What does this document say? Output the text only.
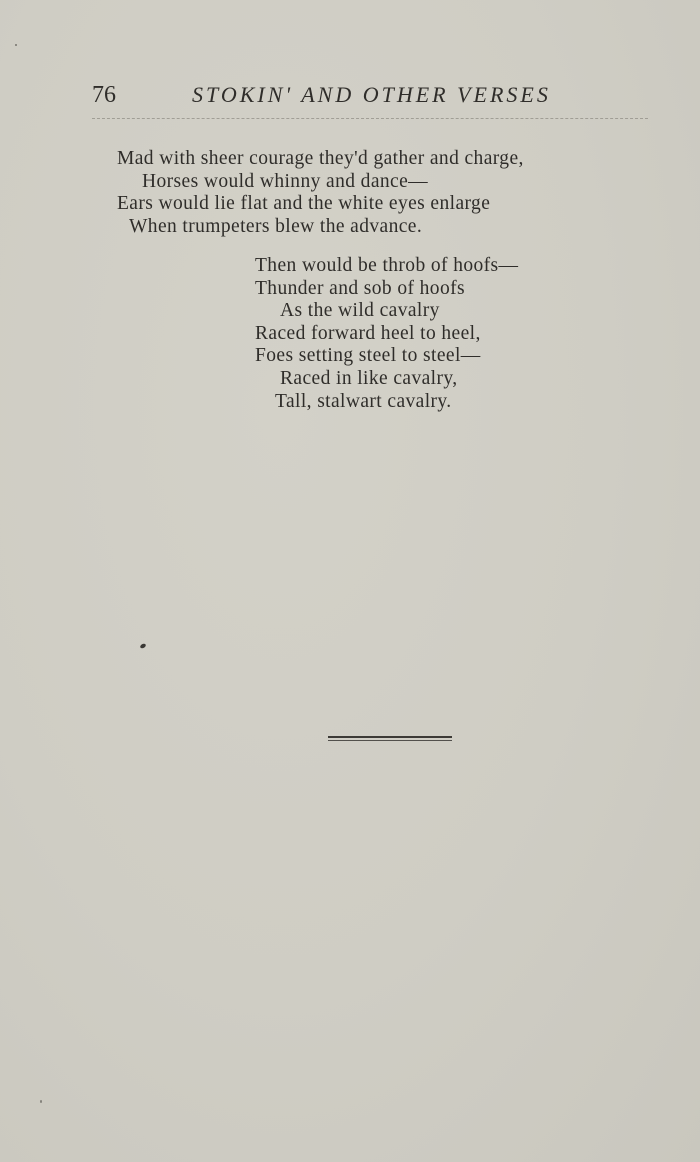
76	STOKIN' AND OTHER VERSES
Mad with sheer courage they'd gather and charge,
Horses would whinny and dance—
Ears would lie flat and the white eyes enlarge
When trumpeters blew the advance.
Then would be throb of hoofs—
Thunder and sob of hoofs
As the wild cavalry
Raced forward heel to heel,
Foes setting steel to steel—
Raced in like cavalry,
Tall, stalwart cavalry.
